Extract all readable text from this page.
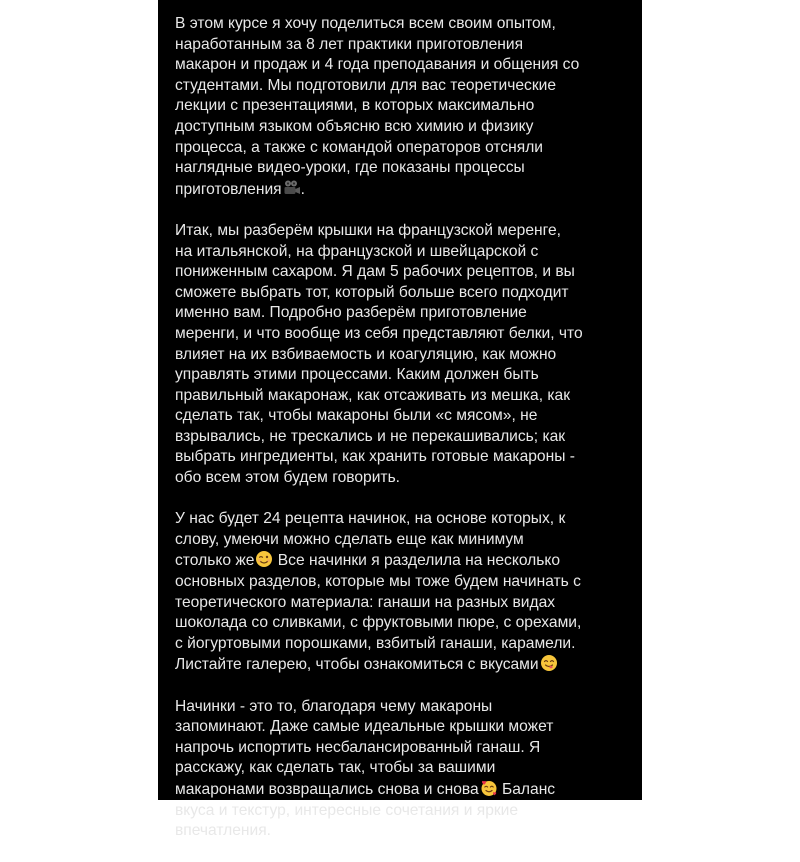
В этом курсе я хочу поделиться всем своим опытом,
наработанным за 8 лет практики приготовления
макарон и продаж и 4 года преподавания и общения со
студентами. Мы подготовили для вас теоретические
лекции с презентациями, в которых максимально
доступным языком объясню всю химию и физику
процесса, а также с командой операторов отсняли
наглядные видео-уроки, где показаны процессы
приготовления .
Итак, мы разберём крышки на французской меренге,
на итальянской, на французской и швейцарской с
пониженным сахаром. Я дам 5 рабочих рецептов, и вы
сможете выбрать тот, который больше всего подходит
именно вам. Подробно разберём приготовление
меренги, и что вообще из себя представляют белки, что
влияет на их взбиваемость и коагуляцию, как можно
управлять этими процессами. Каким должен быть
правильный макаронаж, как отсаживать из мешка, как
сделать так, чтобы макароны были «с мясом», не
взрывались, не трескались и не перекашивались; как
выбрать ингредиенты, как хранить готовые макароны -
обо всем этом будем говорить.
У нас будет 24 рецепта начинок, на основе которых, к
слову, умеючи можно сделать еще как минимум
столько же Все начинки я разделила на несколько
основных разделов, которые мы тоже будем начинать с
теоретического материала: ганаши на разных видах
шоколада со сливками, с фруктовыми пюре, с орехами,
с йогуртовыми порошками, взбитый ганаши, карамели.
Листайте галерею, чтобы ознакомиться с вкусами
Начинки - это то, благодаря чему макароны
запоминают. Даже самые идеальные крышки может
напрочь испортить несбалансированный ганаш. Я
расскажу, как сделать так, чтобы за вашими
макаронами возвращались снова и снова Баланс
вкуса и текстур, интересные сочетания и яркие
впечатления.
